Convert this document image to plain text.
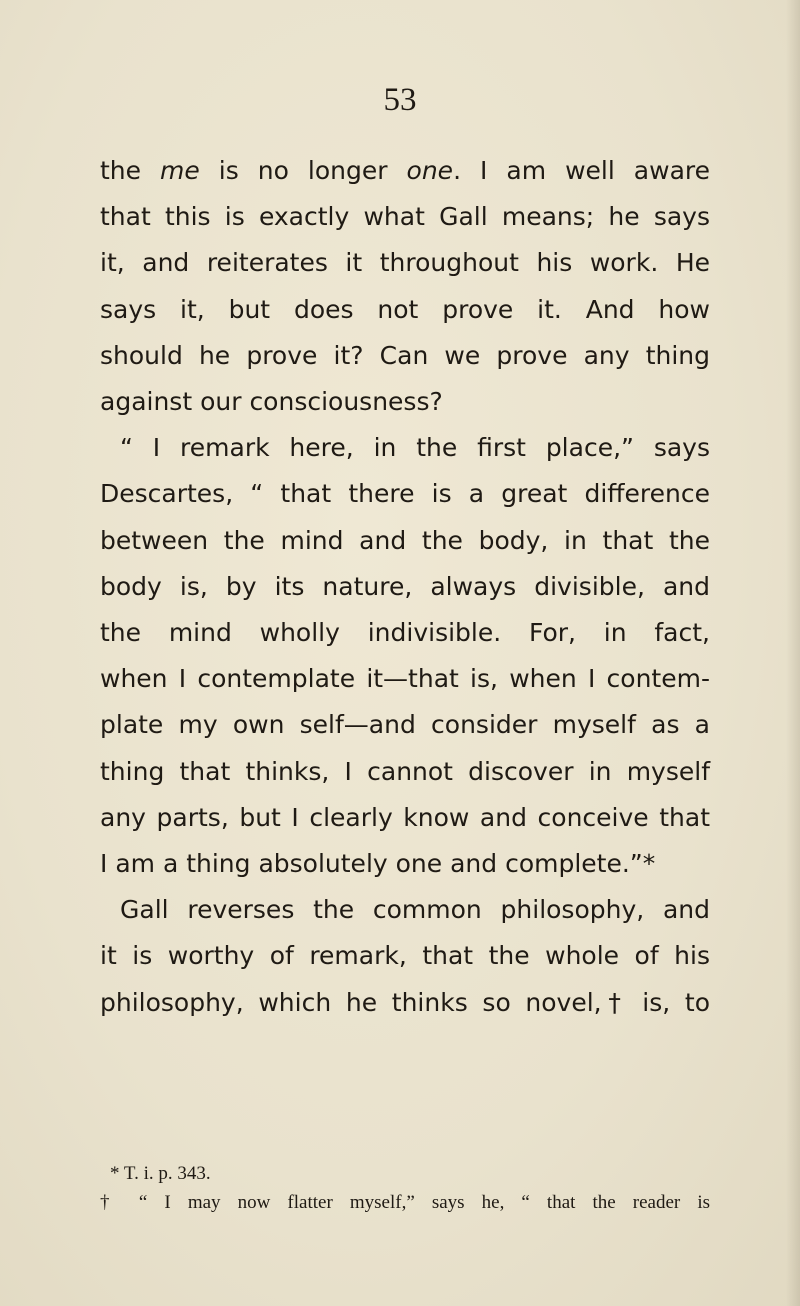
53
the me is no longer one. I am well aware
that this is exactly what Gall means; he says
it, and reiterates it throughout his work. He
says it, but does not prove it. And how
should he prove it? Can we prove any thing
against our consciousness?
“ I remark here, in the first place,” says
Descartes, “ that there is a great difference
between the mind and the body, in that the
body is, by its nature, always divisible, and
the mind wholly indivisible. For, in fact,
when I contemplate it—that is, when I contem-
plate my own self—and consider myself as a
thing that thinks, I cannot discover in myself
any parts, but I clearly know and conceive that
I am a thing absolutely one and complete.”*
Gall reverses the common philosophy, and
it is worthy of remark, that the whole of his
philosophy, which he thinks so novel,† is, to
* T. i. p. 343.
† “ I may now flatter myself,” says he, “ that the reader is
